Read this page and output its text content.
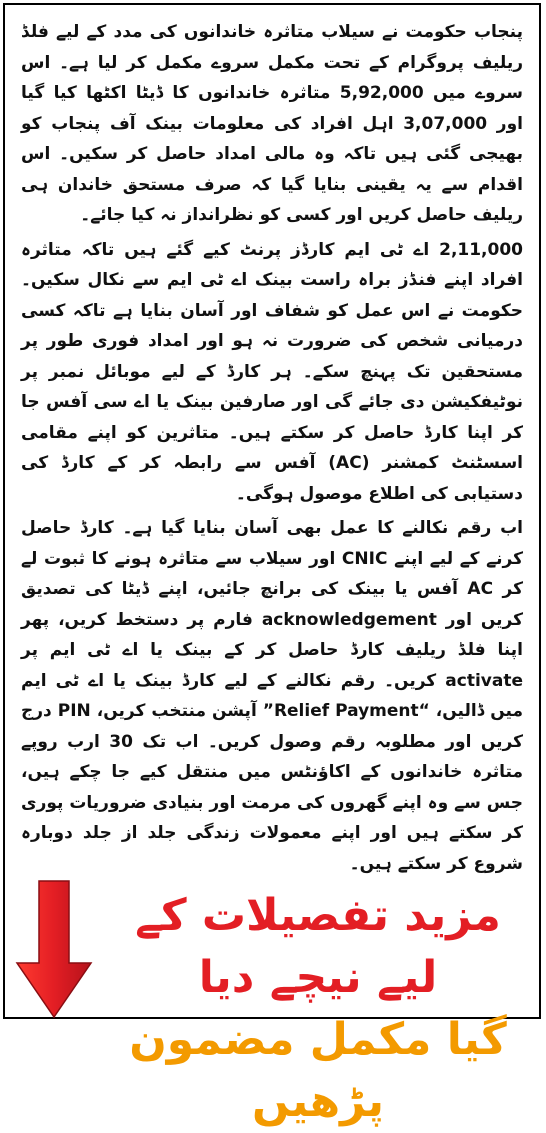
پنجاب حکومت نے سیلاب متاثرہ خاندانوں کی مدد کے لیے فلڈ ریلیف پروگرام کے تحت مکمل سروے مکمل کر لیا ہے۔ اس سروے میں 5,92,000 متاثرہ خاندانوں کا ڈیٹا اکٹھا کیا گیا اور 3,07,000 اہل افراد کی معلومات بینک آف پنجاب کو بھیجی گئی ہیں تاکہ وہ مالی امداد حاصل کر سکیں۔ اس اقدام سے یہ یقینی بنایا گیا کہ صرف مستحق خاندان ہی ریلیف حاصل کریں اور کسی کو نظرانداز نہ کیا جائے۔

2,11,000 اے ٹی ایم کارڈز پرنٹ کیے گئے ہیں تاکہ متاثرہ افراد اپنے فنڈز براہ راست بینک اے ٹی ایم سے نکال سکیں۔ حکومت نے اس عمل کو شفاف اور آسان بنایا ہے تاکہ کسی درمیانی شخص کی ضرورت نہ ہو اور امداد فوری طور پر مستحقین تک پہنچ سکے۔ ہر کارڈ کے لیے موبائل نمبر پر نوٹیفکیشن دی جائے گی اور صارفین بینک یا اے سی آفس جا کر اپنا کارڈ حاصل کر سکتے ہیں۔ متاثرین کو اپنے مقامی اسسٹنٹ کمشنر (AC) آفس سے رابطہ کر کے کارڈ کی دستیابی کی اطلاع موصول ہوگی۔

اب رقم نکالنے کا عمل بھی آسان بنایا گیا ہے۔ کارڈ حاصل کرنے کے لیے اپنے CNIC اور سیلاب سے متاثرہ ہونے کا ثبوت لے کر AC آفس یا بینک کی برانچ جائیں، اپنے ڈیٹا کی تصدیق کریں اور acknowledgement فارم پر دستخط کریں، پھر اپنا فلڈ ریلیف کارڈ حاصل کر کے بینک یا اے ٹی ایم پر activate کریں۔ رقم نکالنے کے لیے کارڈ بینک یا اے ٹی ایم میں ڈالیں، “Relief Payment” آپشن منتخب کریں، PIN درج کریں اور مطلوبہ رقم وصول کریں۔ اب تک 30 ارب روپے متاثرہ خاندانوں کے اکاؤنٹس میں منتقل کیے جا چکے ہیں، جس سے وہ اپنے گھروں کی مرمت اور بنیادی ضروریات پوری کر سکتے ہیں اور اپنے معمولات زندگی جلد از جلد دوبارہ شروع کر سکتے ہیں۔

مزید تفصیلات کے لیے نیچے دیا
گیا مکمل مضمون پڑھیں
